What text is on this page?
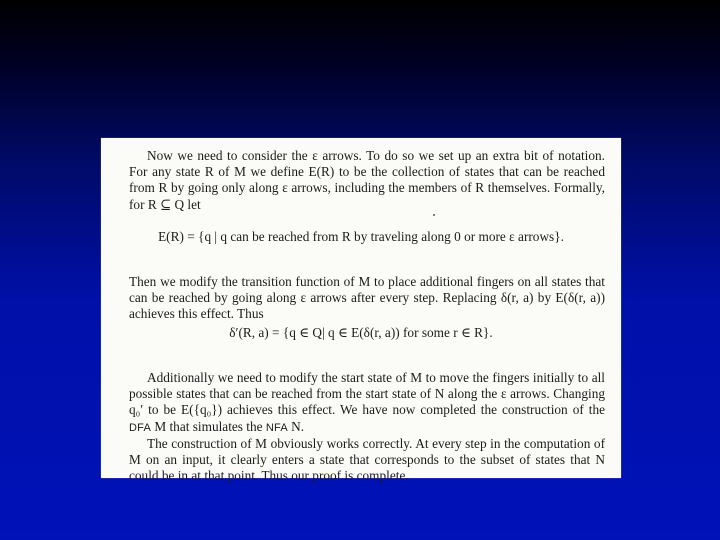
Now we need to consider the ε arrows. To do so we set up an extra bit of notation. For any state R of M we define E(R) to be the collection of states that can be reached from R by going only along ε arrows, including the members of R themselves. Formally, for R ⊆ Q let

E(R) = {q | q can be reached from R by traveling along 0 or more ε arrows}.

Then we modify the transition function of M to place additional fingers on all states that can be reached by going along ε arrows after every step. Replacing δ(r, a) by E(δ(r, a)) achieves this effect. Thus

δ′(R, a) = {q ∈ Q| q ∈ E(δ(r, a)) for some r ∈ R}.

Additionally we need to modify the start state of M to move the fingers initially to all possible states that can be reached from the start state of N along the ε arrows. Changing q₀′ to be E({q₀}) achieves this effect. We have now completed the construction of the DFA M that simulates the NFA N.

The construction of M obviously works correctly. At every step in the computation of M on an input, it clearly enters a state that corresponds to the subset of states that N could be in at that point. Thus our proof is complete.
